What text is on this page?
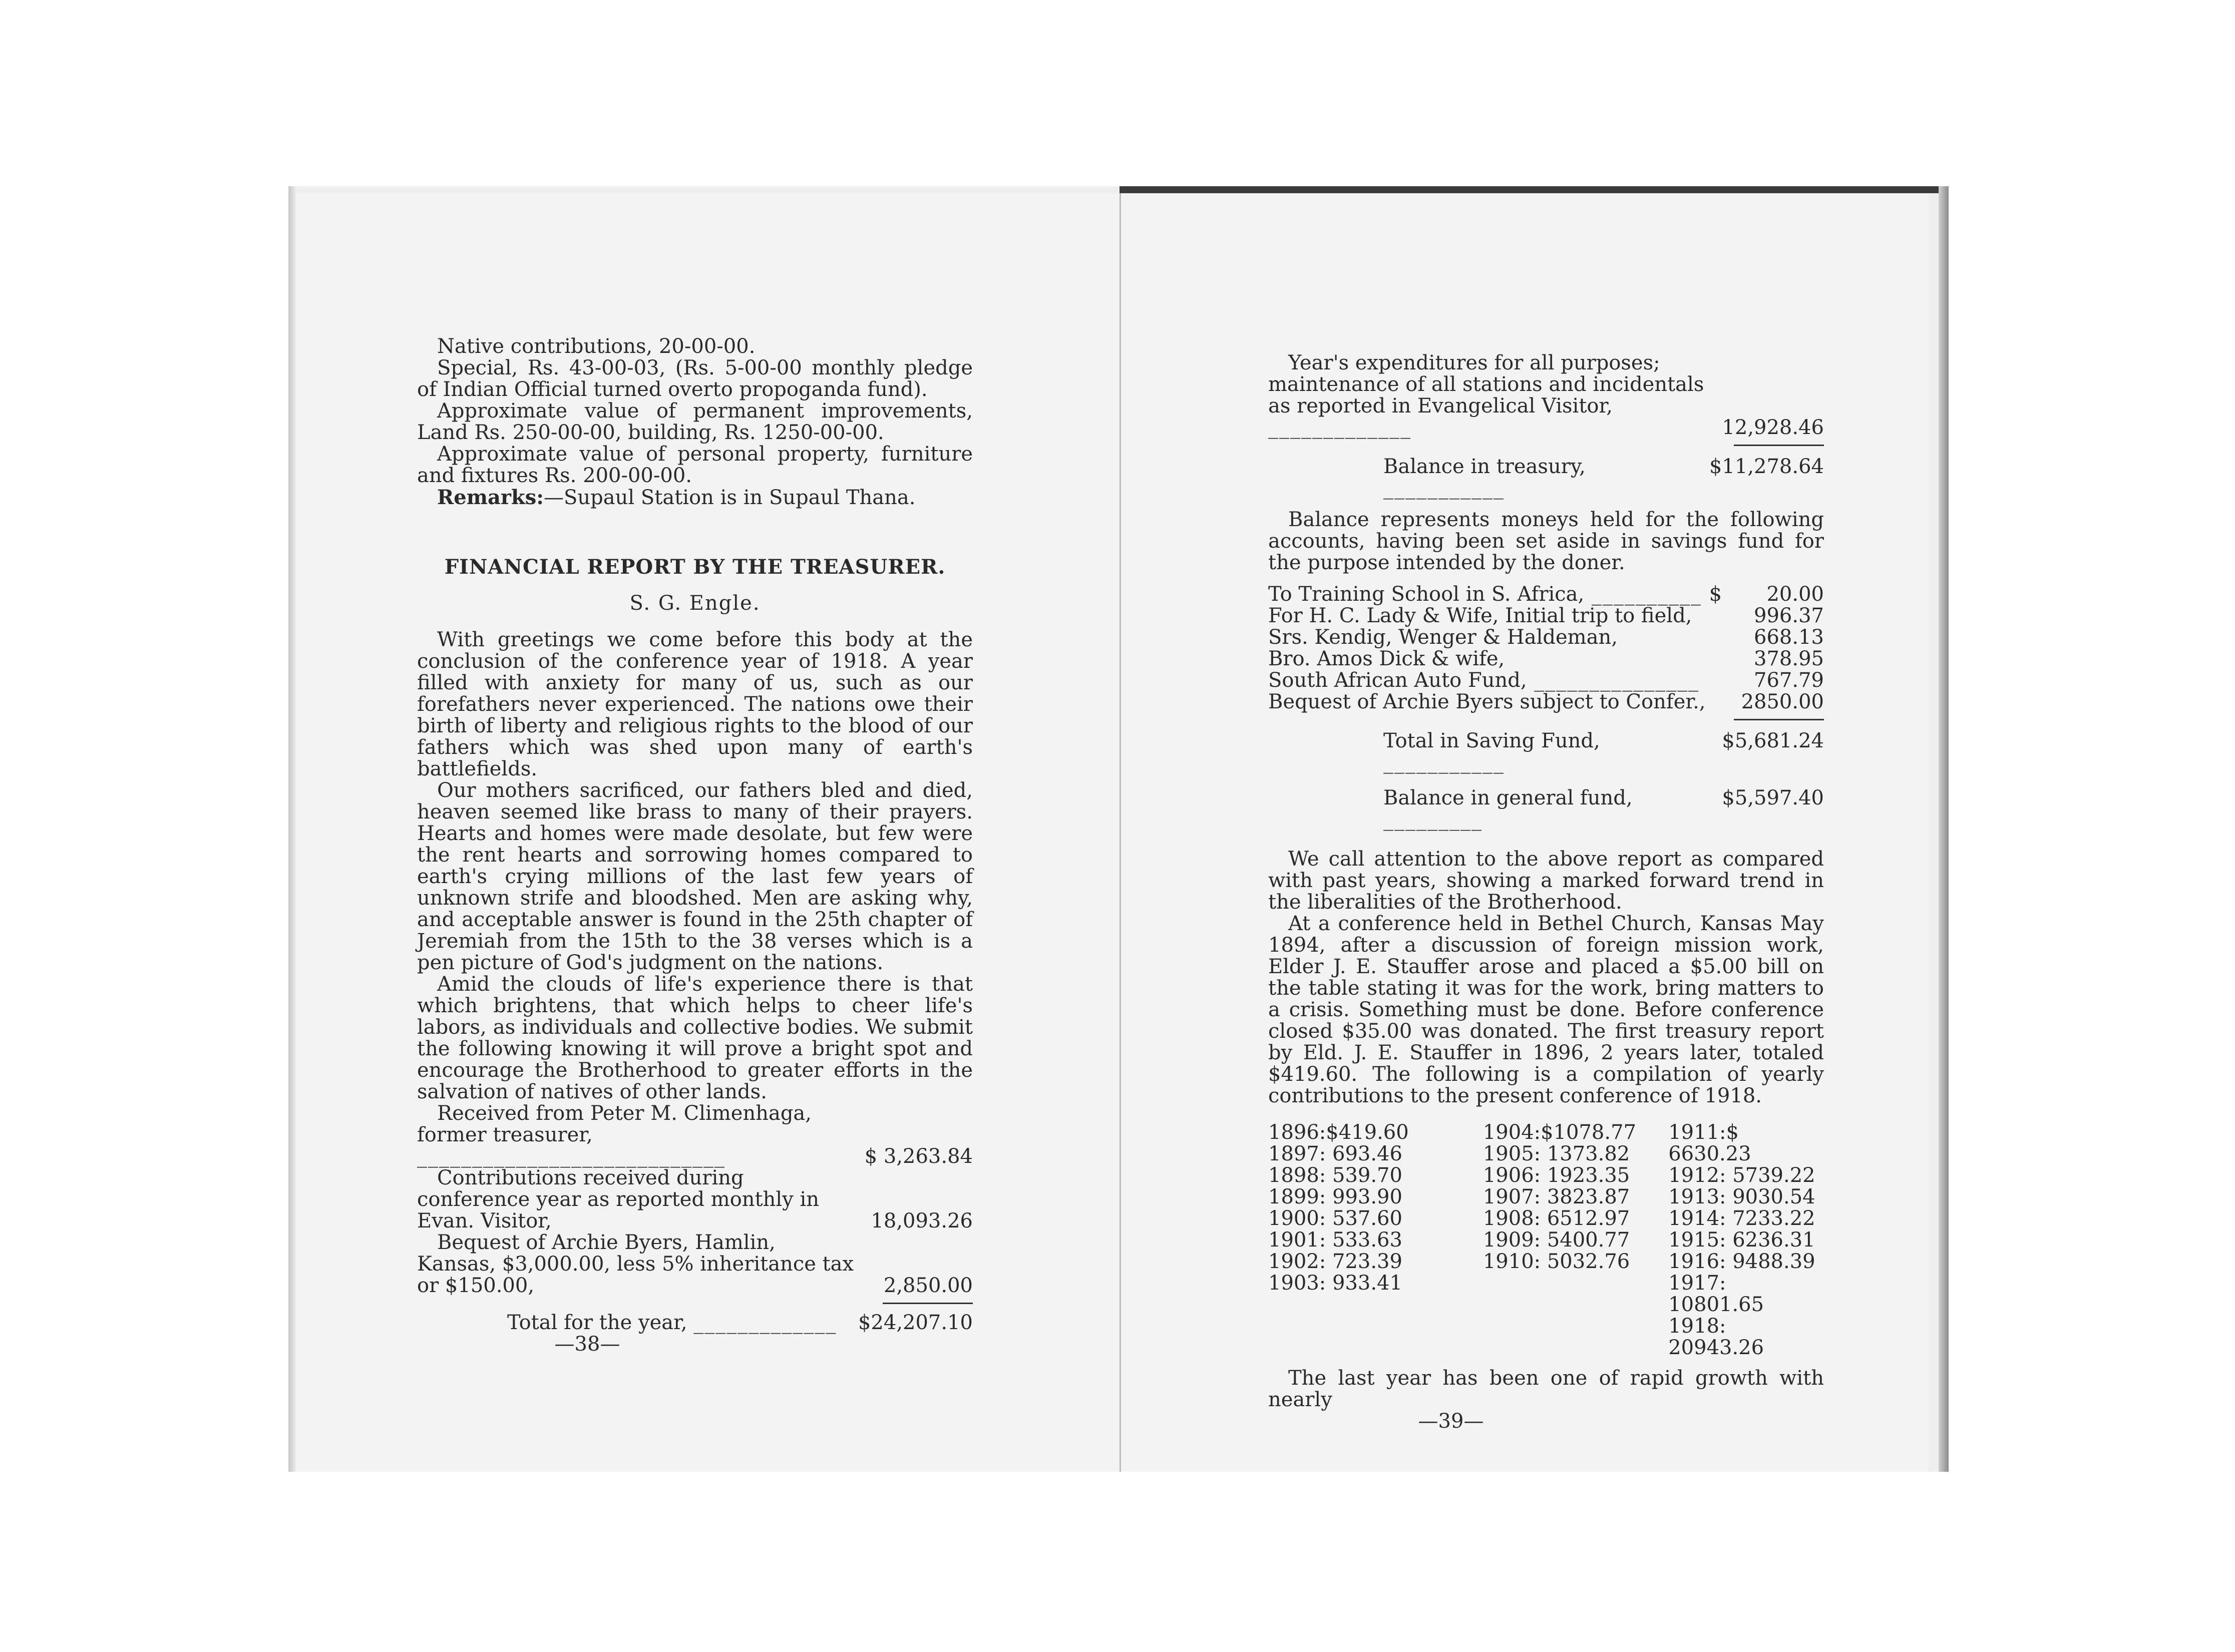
Native contributions, 20-00-00.

Special, Rs. 43-00-03, (Rs. 5-00-00 monthly pledge of Indian Official turned overto propoganda fund).

Approximate value of permanent improvements, Land Rs. 250-00-00, building, Rs. 1250-00-00.

Approximate value of personal property, furniture and fixtures Rs. 200-00-00.

Remarks:—Supaul Station is in Supaul Thana.

FINANCIAL REPORT BY THE TREASURER.

S. G. Engle.

With greetings we come before this body at the conclusion of the conference year of 1918. A year filled with anxiety for many of us, such as our forefathers never experienced. The nations owe their birth of liberty and religious rights to the blood of our fathers which was shed upon many of earth's battlefields.

Our mothers sacrificed, our fathers bled and died, heaven seemed like brass to many of their prayers. Hearts and homes were made desolate, but few were the rent hearts and sorrowing homes compared to earth's crying millions of the last few years of unknown strife and bloodshed. Men are asking why, and acceptable answer is found in the 25th chapter of Jeremiah from the 15th to the 38 verses which is a pen picture of God's judgment on the nations.

Amid the clouds of life's experience there is that which brightens, that which helps to cheer life's labors, as individuals and collective bodies. We submit the following knowing it will prove a bright spot and encourage the Brotherhood to greater efforts in the salvation of natives of other lands.

Received from Peter M. Climenhaga, former treasurer, ____________________________	$ 3,263.84
Contributions received during conference year as reported monthly in Evan. Visitor,	18,093.26
Bequest of Archie Byers, Hamlin, Kansas, $3,000.00, less 5% inheritance tax or $150.00,	2,850.00
Total for the year, _____________ $24,207.10

—38—

Year's expenditures for all purposes; maintenance of all stations and incidentals as reported in Evangelical Visitor, _____________	12,928.46
Balance in treasury, ___________
$11,278.64

Balance represents moneys held for the following accounts, having been set aside in savings fund for the purpose intended by the doner.

To Training School in S. Africa, __________ $ 20.00
For H. C. Lady & Wife, Initial trip to field,	996.37
Srs. Kendig, Wenger & Haldeman,	668.13
Bro. Amos Dick & wife,	378.95
South African Auto Fund, _______________	767.79
Bequest of Archie Byers subject to Confer., 2850.00
Total in Saving Fund, ___________
$5,681.24
Balance in general fund, _________
$5,597.40

We call attention to the above report as compared with past years, showing a marked forward trend in the liberalities of the Brotherhood.

At a conference held in Bethel Church, Kansas May 1894, after a discussion of foreign mission work, Elder J. E. Stauffer arose and placed a $5.00 bill on the table stating it was for the work, bring matters to a crisis. Something must be done. Before conference closed $35.00 was donated. The first treasury report by Eld. J. E. Stauffer in 1896, 2 years later, totaled $419.60. The following is a compilation of yearly contributions to the present conference of 1918.

1896:$419.60
1897: 693.46
1898: 539.70
1899: 993.90
1900: 537.60
1901: 533.63
1902: 723.39
1903: 933.41
1904:$1078.77
1905: 1373.82
1906: 1923.35
1907: 3823.87
1908: 6512.97
1909: 5400.77
1910: 5032.76
1911:$ 6630.23
1912: 5739.22
1913: 9030.54
1914: 7233.22
1915: 6236.31
1916: 9488.39
1917: 10801.65
1918: 20943.26

The last year has been one of rapid growth with nearly

—39—
